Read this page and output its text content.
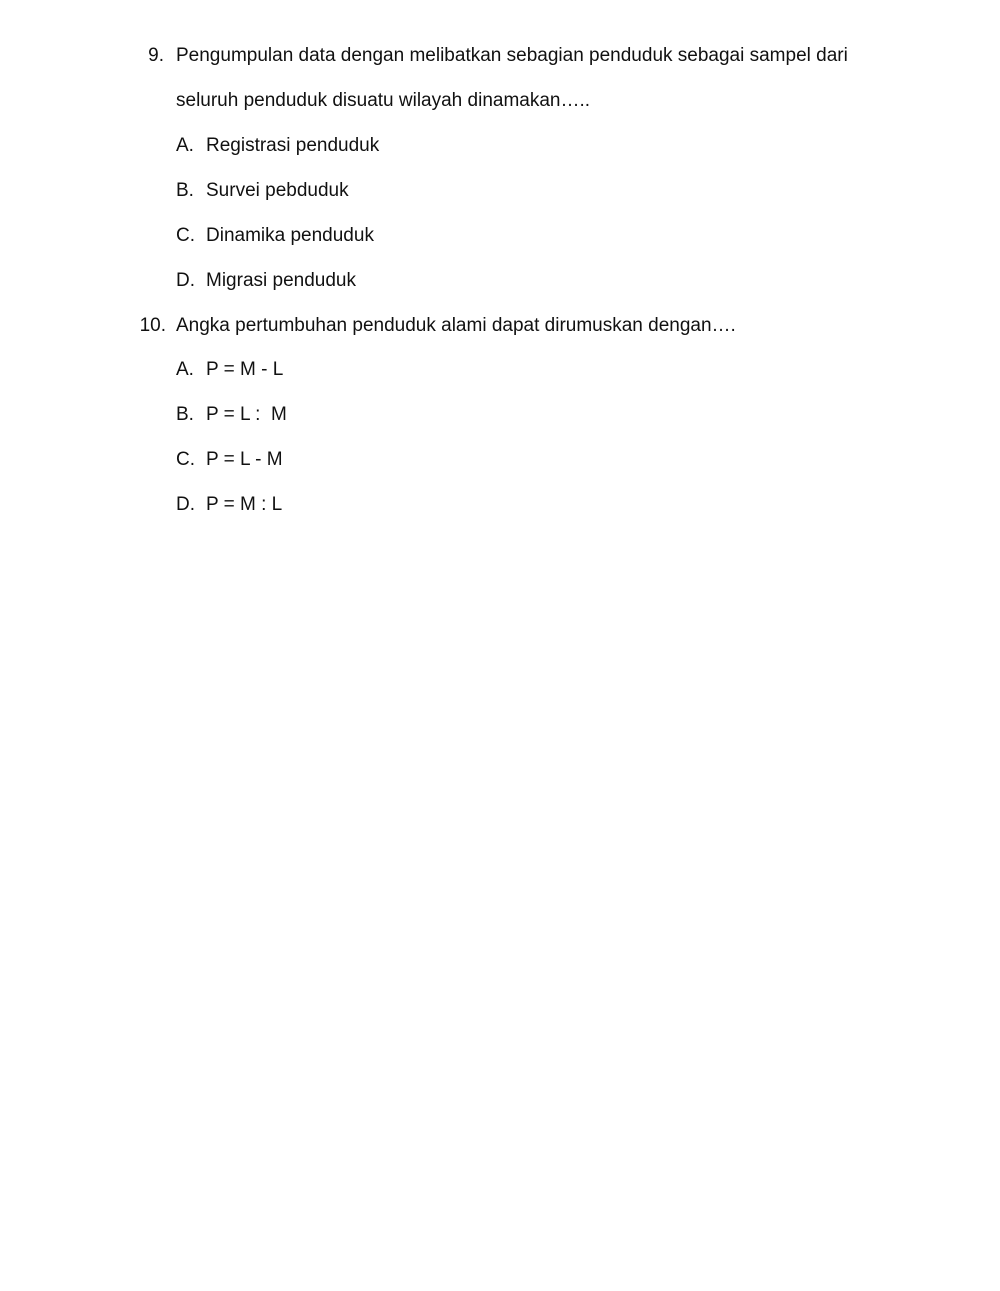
9. Pengumpulan data dengan melibatkan sebagian penduduk sebagai sampel dari
seluruh penduduk disuatu wilayah dinamakan…..
A. Registrasi penduduk
B. Survei pebduduk
C. Dinamika penduduk
D. Migrasi penduduk
10. Angka pertumbuhan penduduk alami dapat dirumuskan dengan….
A. P = M - L
B. P = L :  M
C. P = L - M
D. P = M : L
